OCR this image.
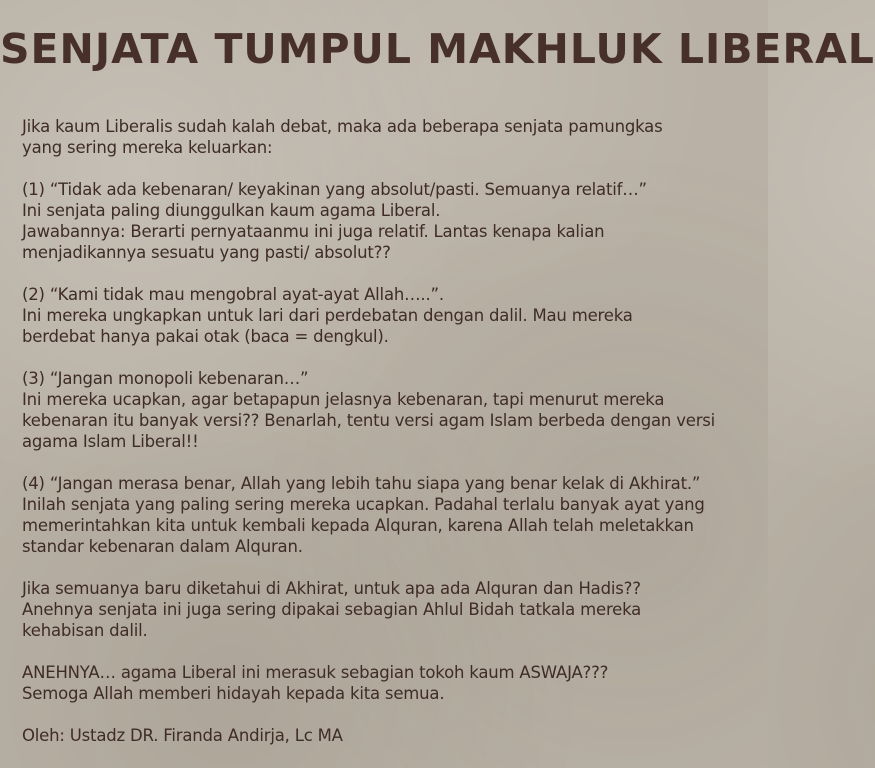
SENJATA TUMPUL MAKHLUK LIBERAL
Jika kaum Liberalis sudah kalah debat, maka ada beberapa senjata pamungkas
yang sering mereka keluarkan:
(1) “Tidak ada kebenaran/ keyakinan yang absolut/pasti. Semuanya relatif…”
Ini senjata paling diunggulkan kaum agama Liberal.
Jawabannya: Berarti pernyataanmu ini juga relatif. Lantas kenapa kalian
menjadikannya sesuatu yang pasti/ absolut??
(2) “Kami tidak mau mengobral ayat-ayat Allah…..”.
Ini mereka ungkapkan untuk lari dari perdebatan dengan dalil. Mau mereka
berdebat hanya pakai otak (baca = dengkul).
(3) “Jangan monopoli kebenaran…”
Ini mereka ucapkan, agar betapapun jelasnya kebenaran, tapi menurut mereka
kebenaran itu banyak versi?? Benarlah, tentu versi agam Islam berbeda dengan versi
agama Islam Liberal!!
(4) “Jangan merasa benar, Allah yang lebih tahu siapa yang benar kelak di Akhirat.”
Inilah senjata yang paling sering mereka ucapkan. Padahal terlalu banyak ayat yang
memerintahkan kita untuk kembali kepada Alquran, karena Allah telah meletakkan
standar kebenaran dalam Alquran.
Jika semuanya baru diketahui di Akhirat, untuk apa ada Alquran dan Hadis??
Anehnya senjata ini juga sering dipakai sebagian Ahlul Bidah tatkala mereka
kehabisan dalil.
ANEHNYA… agama Liberal ini merasuk sebagian tokoh kaum ASWAJA???
Semoga Allah memberi hidayah kepada kita semua.
Oleh: Ustadz DR. Firanda Andirja, Lc MA
